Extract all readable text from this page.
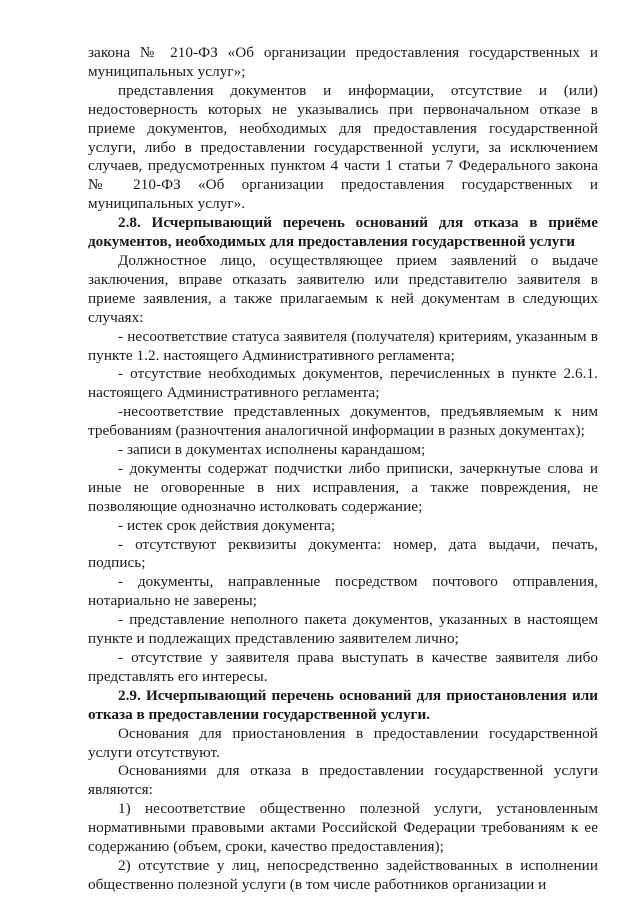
закона № 210-ФЗ «Об организации предоставления государственных и муниципальных услуг»;

представления документов и информации, отсутствие и (или) недостоверность которых не указывались при первоначальном отказе в приеме документов, необходимых для предоставления государственной услуги, либо в предоставлении государственной услуги, за исключением случаев, предусмотренных пунктом 4 части 1 статьи 7 Федерального закона № 210-ФЗ «Об организации предоставления государственных и муниципальных услуг».

2.8. Исчерпывающий перечень оснований для отказа в приёме документов, необходимых для предоставления государственной услуги

Должностное лицо, осуществляющее прием заявлений о выдаче заключения, вправе отказать заявителю или представителю заявителя в приеме заявления, а также прилагаемым к ней документам в следующих случаях:

- несоответствие статуса заявителя (получателя) критериям, указанным в пункте 1.2. настоящего Административного регламента;

- отсутствие необходимых документов, перечисленных в пункте 2.6.1. настоящего Административного регламента;

-несоответствие представленных документов, предъявляемым к ним требованиям (разночтения аналогичной информации в разных документах);

- записи в документах исполнены карандашом;

- документы содержат подчистки либо приписки, зачеркнутые слова и иные не оговоренные в них исправления, а также повреждения, не позволяющие однозначно истолковать содержание;

- истек срок действия документа;

- отсутствуют реквизиты документа: номер, дата выдачи, печать, подпись;

- документы, направленные посредством почтового отправления, нотариально не заверены;

- представление неполного пакета документов, указанных в настоящем пункте и подлежащих представлению заявителем лично;

- отсутствие у заявителя права выступать в качестве заявителя либо представлять его интересы.

2.9. Исчерпывающий перечень оснований для приостановления или отказа в предоставлении государственной услуги.

Основания для приостановления в предоставлении государственной услуги отсутствуют.

Основаниями для отказа в предоставлении государственной услуги являются:

1) несоответствие общественно полезной услуги, установленным нормативными правовыми актами Российской Федерации требованиям к ее содержанию (объем, сроки, качество предоставления);

2) отсутствие у лиц, непосредственно задействованных в исполнении общественно полезной услуги (в том числе работников организации и
